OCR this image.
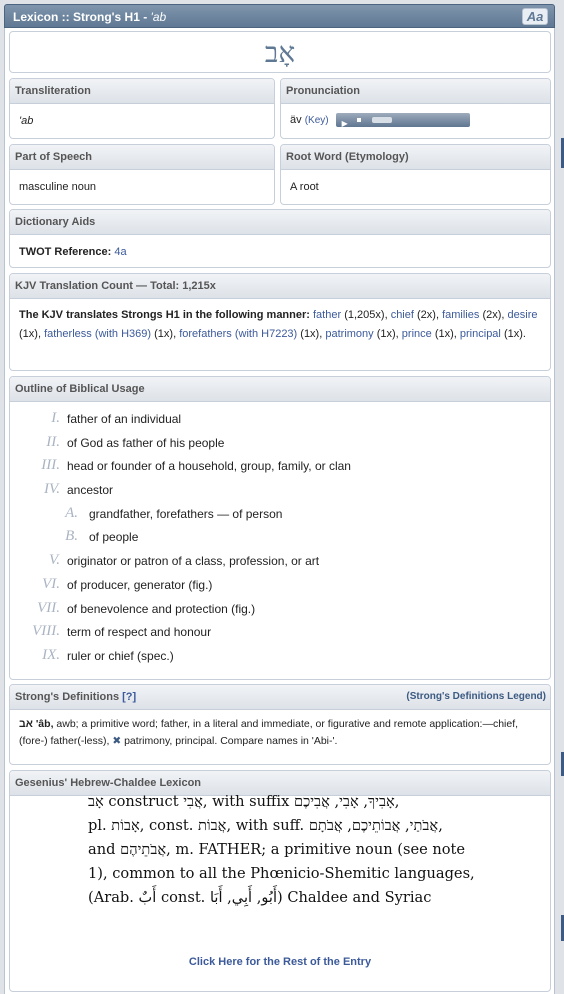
Lexicon :: Strong's H1 - 'ab	Aa
אָב
Transliteration
'ab
Pronunciation
äv (Key) ▶
Part of Speech
masculine noun
Root Word (Etymology)
A root
Dictionary Aids
TWOT Reference: 4a
KJV Translation Count — Total: 1,215x
The KJV translates Strongs H1 in the following manner: father (1,205x), chief (2x), families (2x), desire (1x), fatherless (with H369) (1x), forefathers (with H7223) (1x), patrimony (1x), prince (1x), principal (1x).
Outline of Biblical Usage
I. father of an individual
II. of God as father of his people
III. head or founder of a household, group, family, or clan
IV. ancestor
A. grandfather, forefathers — of person
B. of people
V. originator or patron of a class, profession, or art
VI. of producer, generator (fig.)
VII. of benevolence and protection (fig.)
VIII. term of respect and honour
IX. ruler or chief (spec.)
Strong's Definitions [?]	(Strong's Definitions Legend)
אב 'âb, awb; a primitive word; father, in a literal and immediate, or figurative and remote application:—chief, (fore-) father(-less), ✖ patrimony, principal. Compare names in 'Abi-'.
Gesenius' Hebrew-Chaldee Lexicon
אָב construct אֲבִי, with suffix אָבִיךָ, אָבִי, אֲבִיכֶם,
pl. אָבוֹת, const. אֲבוֹת, with suff. אֲבֹתַי, אֲבוֹתֵיכֶם, אֲבֹתָם,
and אֲבֹתֵיהֶם, m. FATHER; a primitive noun (see note
1), common to all the Phœnicio-Shemitic languages,
(Arab. أَبٌ const. أَبُو, أَبِي, أَبَا) Chaldee and Syriac
Click Here for the Rest of the Entry
